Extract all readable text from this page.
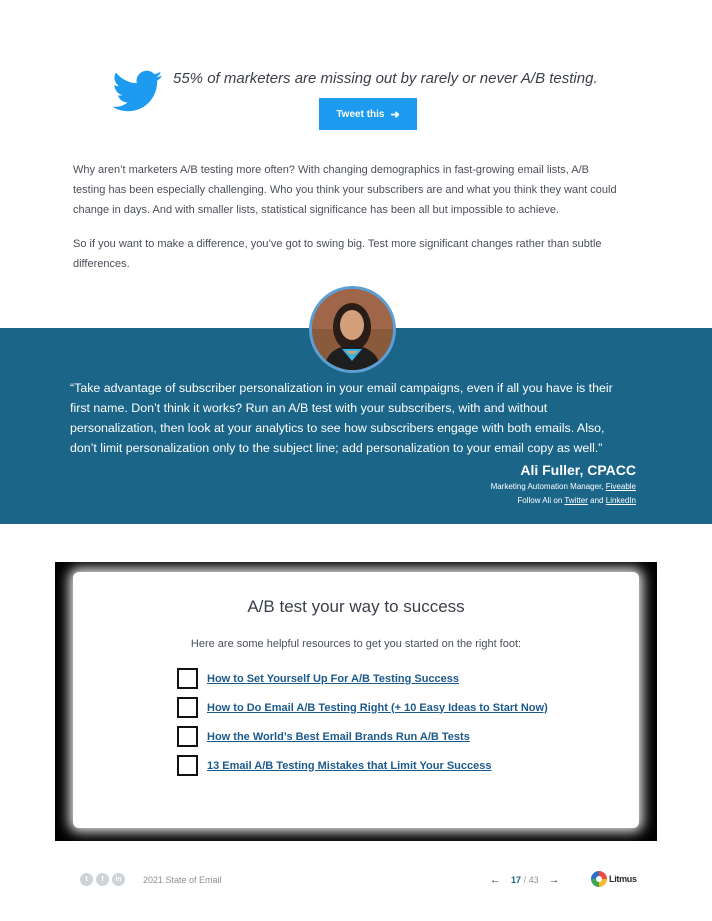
55% of marketers are missing out by rarely or never A/B testing.
Tweet this ➜

Why aren’t marketers A/B testing more often? With changing demographics in fast-growing email lists, A/B testing has been especially challenging. Who you think your subscribers are and what you think they want could change in days. And with smaller lists, statistical significance has been all but impossible to achieve.

So if you want to make a difference, you’ve got to swing big. Test more significant changes rather than subtle differences.

“Take advantage of subscriber personalization in your email campaigns, even if all you have is their first name. Don’t think it works? Run an A/B test with your subscribers, with and without personalization, then look at your analytics to see how subscribers engage with both emails. Also, don’t limit personalization only to the subject line; add personalization to your email copy as well.”

Ali Fuller, CPACC
Marketing Automation Manager, Fiveable
Follow Ali on Twitter and LinkedIn
A/B test your way to success

Here are some helpful resources to get you started on the right foot:

How to Set Yourself Up For A/B Testing Success
How to Do Email A/B Testing Right (+ 10 Easy Ideas to Start Now)
How the World’s Best Email Brands Run A/B Tests
13 Email A/B Testing Mistakes that Limit Your Success
t	f	in	2021 State of Email	← 17 / 43 →	Litmus
